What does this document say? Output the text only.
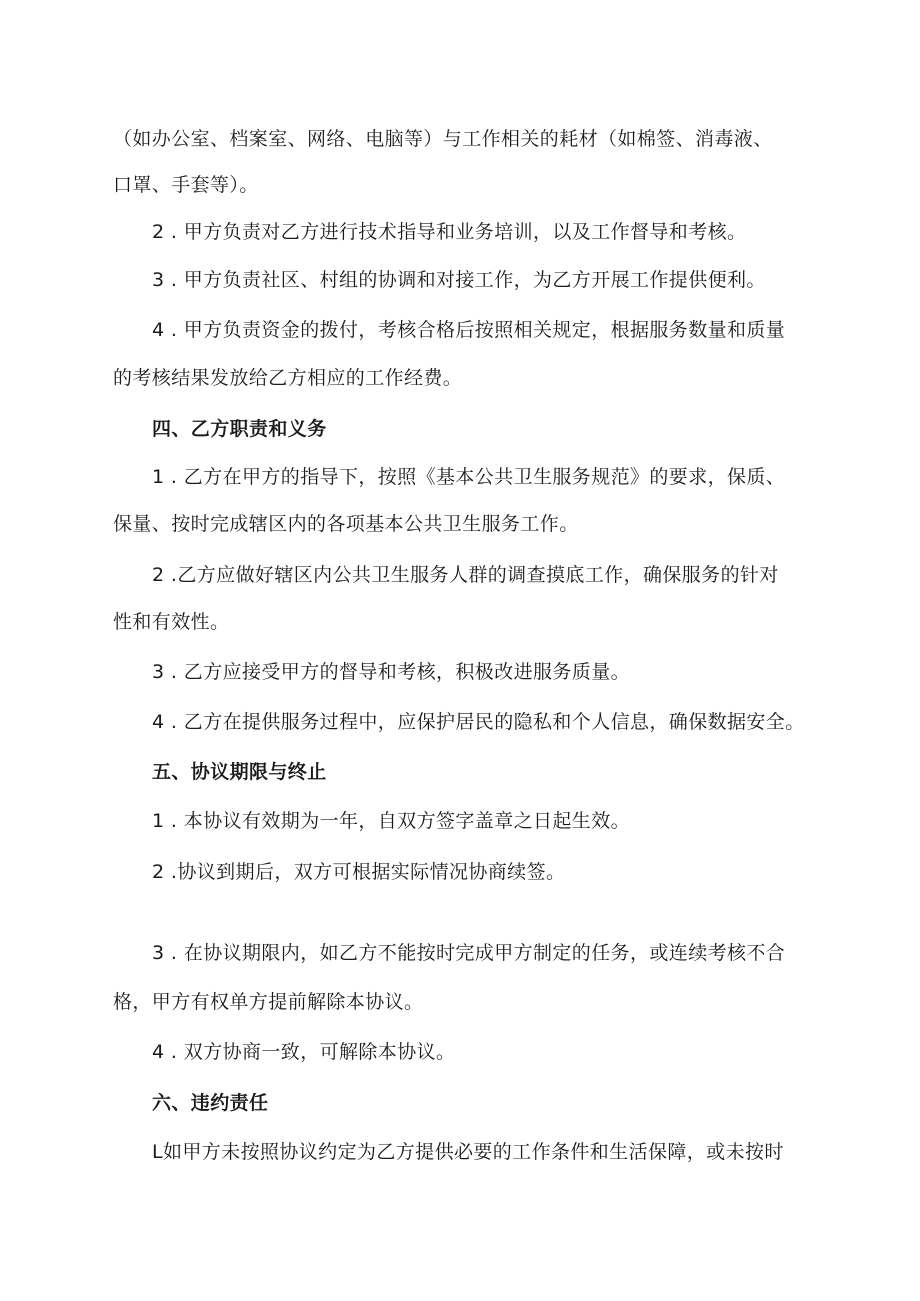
（如办公室、档案室、网络、电脑等）与工作相关的耗材（如棉签、消毒液、
口罩、手套等）。
2 . 甲方负责对乙方进行技术指导和业务培训，以及工作督导和考核。
3 . 甲方负责社区、村组的协调和对接工作，为乙方开展工作提供便利。
4 . 甲方负责资金的拨付，考核合格后按照相关规定，根据服务数量和质量
的考核结果发放给乙方相应的工作经费。
四、乙方职责和义务
1 . 乙方在甲方的指导下，按照《基本公共卫生服务规范》的要求，保质、
保量、按时完成辖区内的各项基本公共卫生服务工作。
2 .乙方应做好辖区内公共卫生服务人群的调查摸底工作，确保服务的针对
性和有效性。
3 . 乙方应接受甲方的督导和考核，积极改进服务质量。
4 . 乙方在提供服务过程中，应保护居民的隐私和个人信息，确保数据安全。
五、协议期限与终止
1 . 本协议有效期为一年，自双方签字盖章之日起生效。
2 .协议到期后，双方可根据实际情况协商续签。
3 . 在协议期限内，如乙方不能按时完成甲方制定的任务，或连续考核不合
格，甲方有权单方提前解除本协议。
4 . 双方协商一致，可解除本协议。
六、违约责任
L如甲方未按照协议约定为乙方提供必要的工作条件和生活保障，或未按时
